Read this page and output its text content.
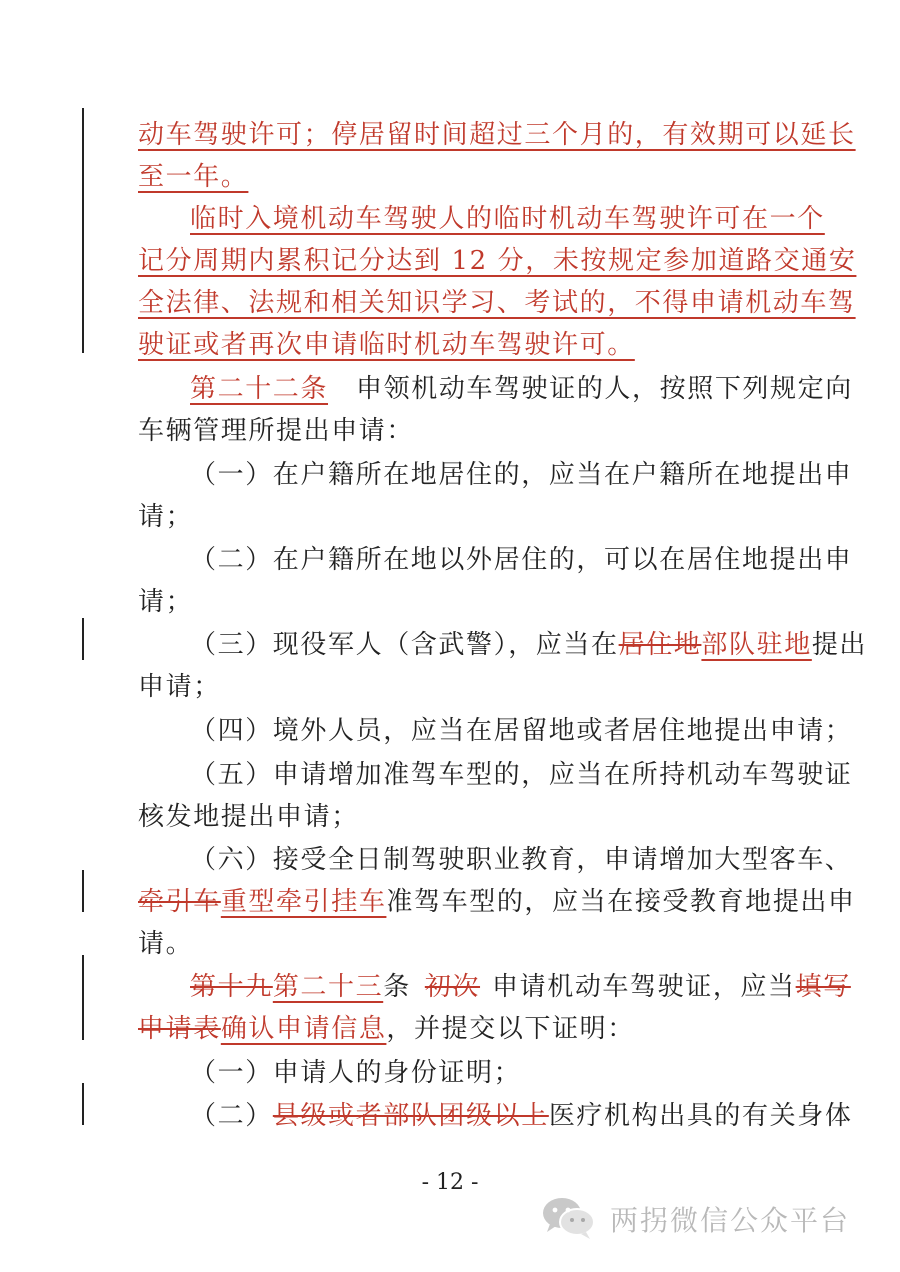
动车驾驶许可；停居留时间超过三个月的，有效期可以延长
至一年。
临时入境机动车驾驶人的临时机动车驾驶许可在一个
记分周期内累积记分达到 12 分，未按规定参加道路交通安
全法律、法规和相关知识学习、考试的，不得申请机动车驾
驶证或者再次申请临时机动车驾驶许可。
第二十二条 申领机动车驾驶证的人，按照下列规定向
车辆管理所提出申请：
（一）在户籍所在地居住的，应当在户籍所在地提出申
请；
（二）在户籍所在地以外居住的，可以在居住地提出申
请；
（三）现役军人（含武警），应当在居住地部队驻地提出
申请；
（四）境外人员，应当在居留地或者居住地提出申请；
（五）申请增加准驾车型的，应当在所持机动车驾驶证
核发地提出申请；
（六）接受全日制驾驶职业教育，申请增加大型客车、
牵引车重型牵引挂车准驾车型的，应当在接受教育地提出申
请。
第十九第二十三条 初次 申请机动车驾驶证，应当填写
申请表确认申请信息，并提交以下证明：
（一）申请人的身份证明；
（二）县级或者部队团级以上医疗机构出具的有关身体
- 12 -
两拐微信公众平台
